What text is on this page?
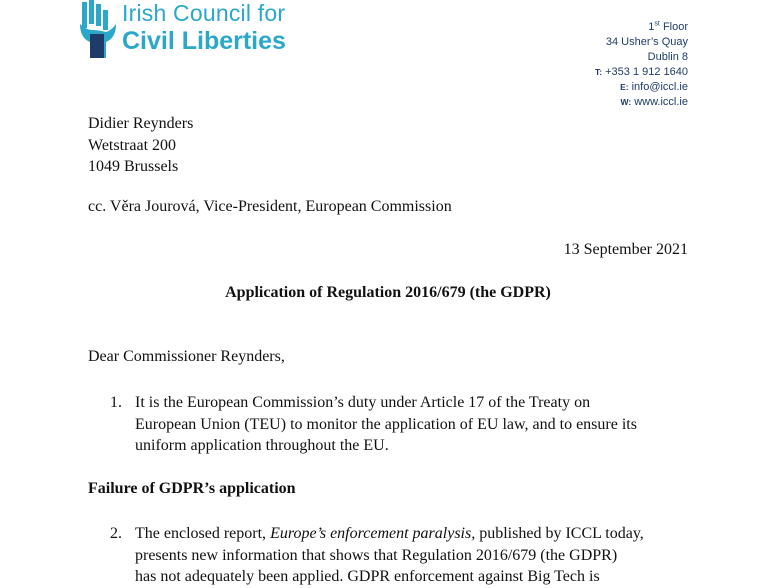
Irish Council for
Civil Liberties	1st Floor
34 Usher’s Quay
Dublin 8
T: +353 1 912 1640
E: info@iccl.ie
W: www.iccl.ie
Didier Reynders
Wetstraat 200
1049 Brussels
cc. Věra Jourová, Vice-President, European Commission
13 September 2021
Application of Regulation 2016/679 (the GDPR)
Dear Commissioner Reynders,
1. It is the European Commission’s duty under Article 17 of the Treaty on
European Union (TEU) to monitor the application of EU law, and to ensure its
uniform application throughout the EU.
Failure of GDPR’s application
2. The enclosed report, Europe’s enforcement paralysis, published by ICCL today,
presents new information that shows that Regulation 2016/679 (the GDPR)
has not adequately been applied. GDPR enforcement against Big Tech is
